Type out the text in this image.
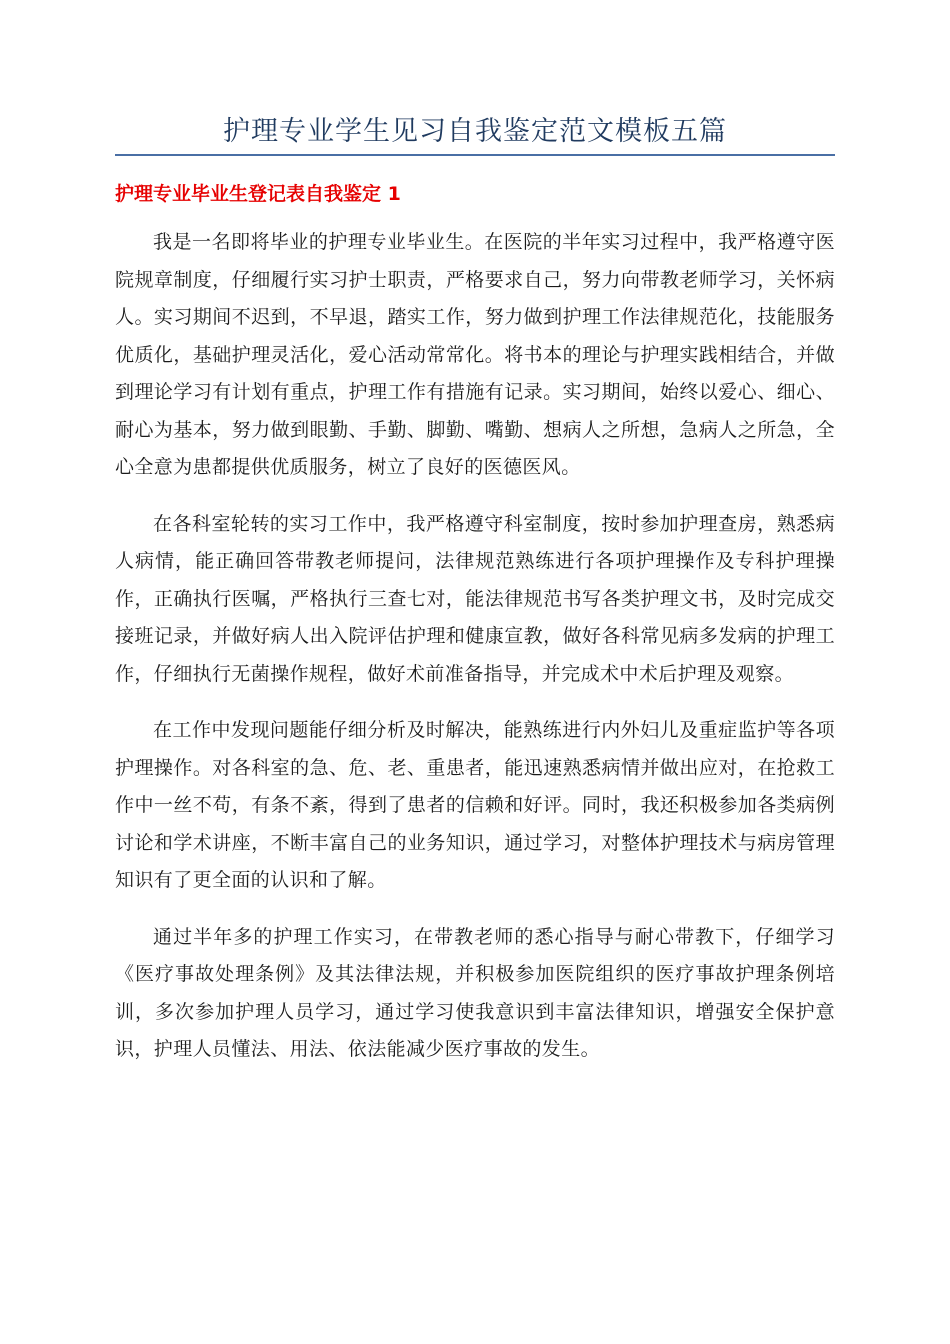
护理专业学生见习自我鉴定范文模板五篇
护理专业毕业生登记表自我鉴定 1

我是一名即将毕业的护理专业毕业生。在医院的半年实习过程中，我严格遵守医院规章制度，仔细履行实习护士职责，严格要求自己，努力向带教老师学习，关怀病人。实习期间不迟到，不早退，踏实工作，努力做到护理工作法律规范化，技能服务优质化，基础护理灵活化，爱心活动常常化。将书本的理论与护理实践相结合，并做到理论学习有计划有重点，护理工作有措施有记录。实习期间，始终以爱心、细心、耐心为基本，努力做到眼勤、手勤、脚勤、嘴勤、想病人之所想，急病人之所急，全心全意为患都提供优质服务，树立了良好的医德医风。

在各科室轮转的实习工作中，我严格遵守科室制度，按时参加护理查房，熟悉病人病情，能正确回答带教老师提问，法律规范熟练进行各项护理操作及专科护理操作，正确执行医嘱，严格执行三查七对，能法律规范书写各类护理文书，及时完成交接班记录，并做好病人出入院评估护理和健康宣教，做好各科常见病多发病的护理工作，仔细执行无菌操作规程，做好术前准备指导，并完成术中术后护理及观察。

在工作中发现问题能仔细分析及时解决，能熟练进行内外妇儿及重症监护等各项护理操作。对各科室的急、危、老、重患者，能迅速熟悉病情并做出应对，在抢救工作中一丝不苟，有条不紊，得到了患者的信赖和好评。同时，我还积极参加各类病例讨论和学术讲座，不断丰富自己的业务知识，通过学习，对整体护理技术与病房管理知识有了更全面的认识和了解。

通过半年多的护理工作实习，在带教老师的悉心指导与耐心带教下，仔细学习《医疗事故处理条例》及其法律法规，并积极参加医院组织的医疗事故护理条例培训，多次参加护理人员学习，通过学习使我意识到丰富法律知识，增强安全保护意识，护理人员懂法、用法、依法能减少医疗事故的发生。
